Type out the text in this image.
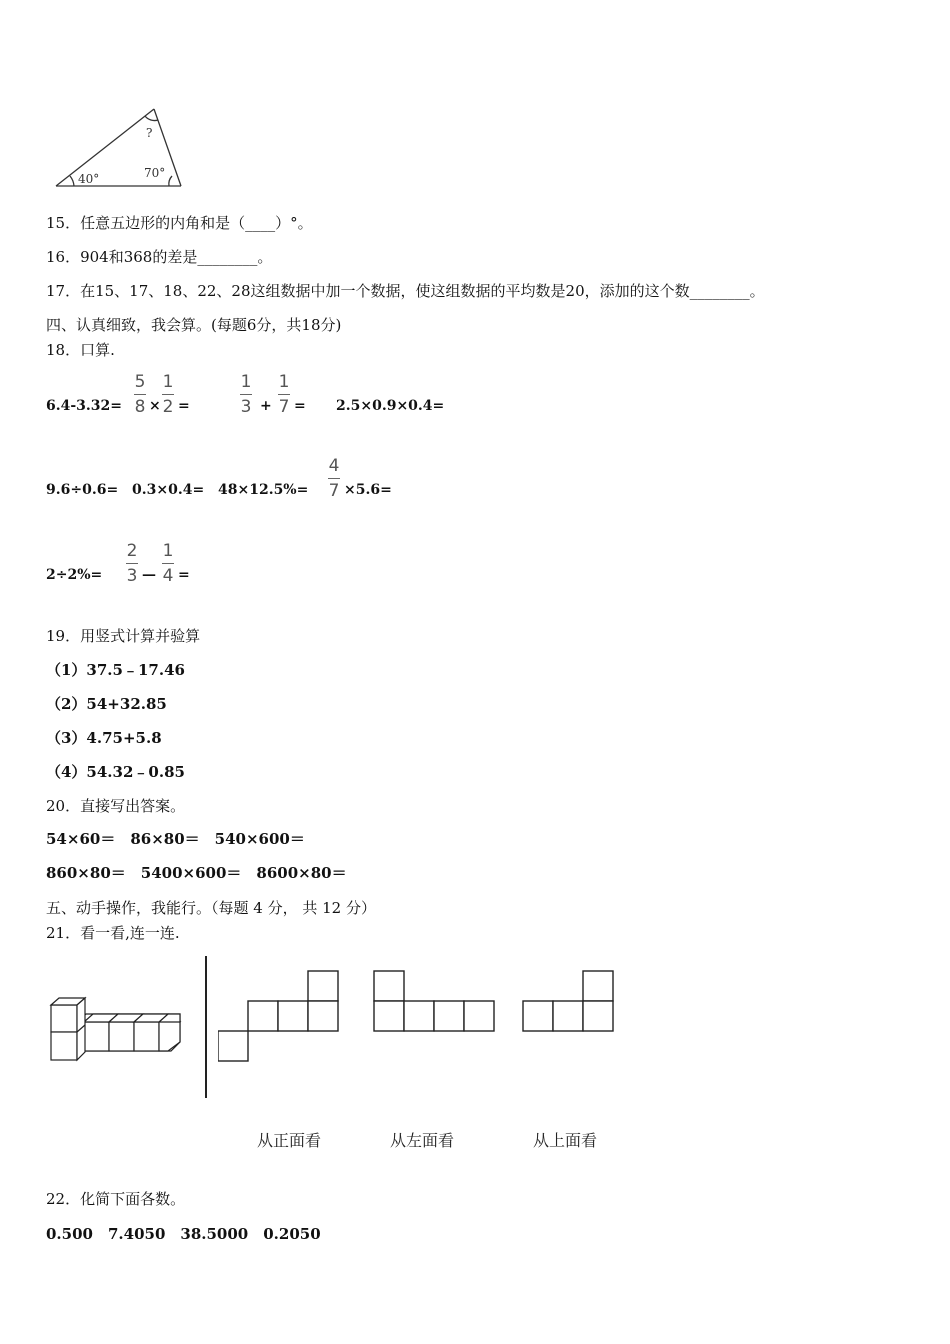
?
40°	70°
15．任意五边形的内角和是（____）°。
16．904和368的差是________。
17．在15、17、18、22、28这组数据中加一个数据，使这组数据的平均数是20，添加的这个数________。
四、认真细致，我会算。(每题6分，共18分)
18．口算.
6.4-3.32=
5
8 ×
1
2 =
1
3 +
1
7 = 2.5×0.9×0.4=
9.6÷0.6= 0.3×0.4= 48×12.5%=
4
7 ×5.6=
2÷2%=
2
3 —
1
4 =
19．用竖式计算并验算
（1）37.5﹣17.46
（2）54+32.85
（3）4.75+5.8
（4）54.32﹣0.85
20．直接写出答案。
54×60＝　86×80＝　540×600＝
860×80＝　5400×600＝　8600×80＝
五、动手操作，我能行。（每题 4 分， 共 12 分）
21．看一看,连一连.
从正面看	从左面看	从上面看
22．化简下面各数。
0.500　7.4050　38.5000　0.2050
